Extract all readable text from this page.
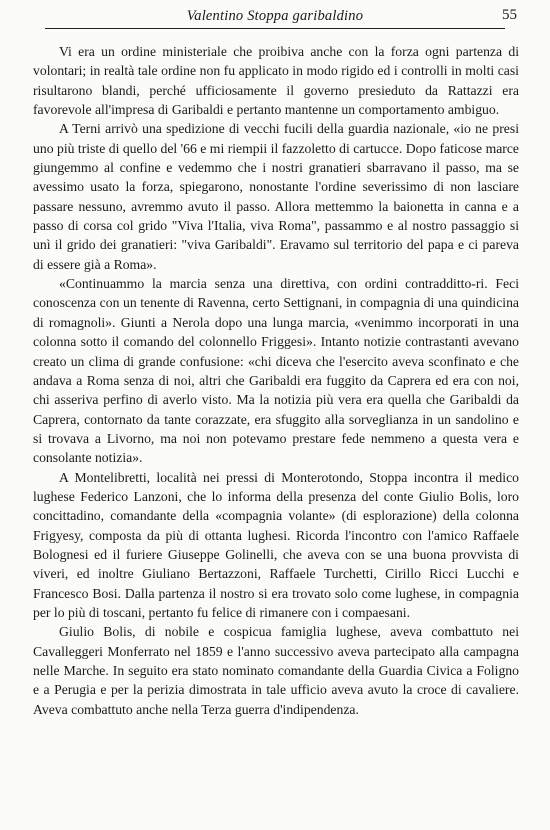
Valentino Stoppa garibaldino	55

Vi era un ordine ministeriale che proibiva anche con la forza ogni partenza di volontari; in realtà tale ordine non fu applicato in modo rigido ed i controlli in molti casi risultarono blandi, perché ufficiosamente il governo presieduto da Rattazzi era favorevole all'impresa di Garibaldi e pertanto mantenne un comportamento ambiguo.

A Terni arrivò una spedizione di vecchi fucili della guardia nazionale, «io ne presi uno più triste di quello del '66 e mi riempii il fazzoletto di cartucce. Dopo faticose marce giungemmo al confine e vedemmo che i nostri granatieri sbarravano il passo, ma se avessimo usato la forza, spiegarono, nonostante l'ordine severissimo di non lasciare passare nessuno, avremmo avuto il passo. Allora mettemmo la baionetta in canna e a passo di corsa col grido "Viva l'Italia, viva Roma", passammo e al nostro passaggio si unì il grido dei granatieri: "viva Garibaldi". Eravamo sul territorio del papa e ci pareva di essere già a Roma».

«Continuammo la marcia senza una direttiva, con ordini contradditto-ri. Feci conoscenza con un tenente di Ravenna, certo Settignani, in compagnia di una quindicina di romagnoli». Giunti a Nerola dopo una lunga marcia, «venimmo incorporati in una colonna sotto il comando del colonnello Friggesi». Intanto notizie contrastanti avevano creato un clima di grande confusione: «chi diceva che l'esercito aveva sconfinato e che andava a Roma senza di noi, altri che Garibaldi era fuggito da Caprera ed era con noi, chi asseriva perfino di averlo visto. Ma la notizia più vera era quella che Garibaldi da Caprera, contornato da tante corazzate, era sfuggito alla sorveglianza in un sandolino e si trovava a Livorno, ma noi non potevamo prestare fede nemmeno a questa vera e consolante notizia».

A Montelibretti, località nei pressi di Monterotondo, Stoppa incontra il medico lughese Federico Lanzoni, che lo informa della presenza del conte Giulio Bolis, loro concittadino, comandante della «compagnia volante» (di esplorazione) della colonna Frigyesy, composta da più di ottanta lughesi. Ricorda l'incontro con l'amico Raffaele Bolognesi ed il furiere Giuseppe Golinelli, che aveva con se una buona provvista di viveri, ed inoltre Giuliano Bertazzoni, Raffaele Turchetti, Cirillo Ricci Lucchi e Francesco Bosi. Dalla partenza il nostro si era trovato solo come lughese, in compagnia per lo più di toscani, pertanto fu felice di rimanere con i compaesani.

Giulio Bolis, di nobile e cospicua famiglia lughese, aveva combattuto nei Cavalleggeri Monferrato nel 1859 e l'anno successivo aveva partecipato alla campagna nelle Marche. In seguito era stato nominato comandante della Guardia Civica a Foligno e a Perugia e per la perizia dimostrata in tale ufficio aveva avuto la croce di cavaliere. Aveva combattuto anche nella Terza guerra d'indipendenza.
